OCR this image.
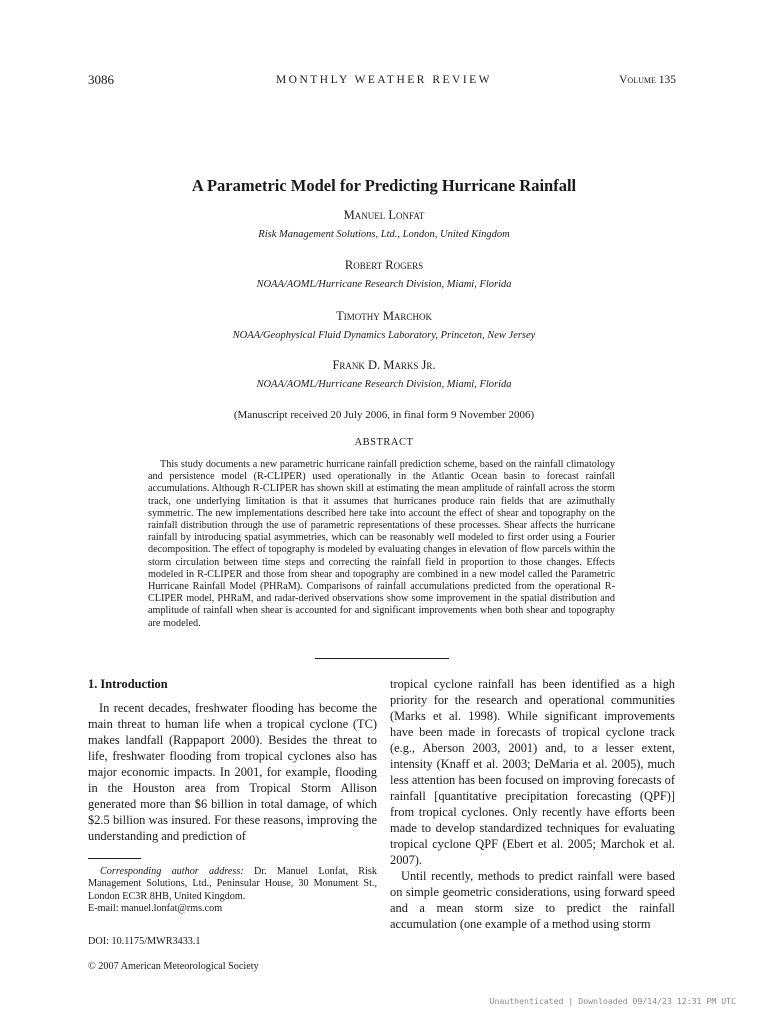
3086	MONTHLY WEATHER REVIEW	Volume 135
A Parametric Model for Predicting Hurricane Rainfall
Manuel Lonfat
Risk Management Solutions, Ltd., London, United Kingdom
Robert Rogers
NOAA/AOML/Hurricane Research Division, Miami, Florida
Timothy Marchok
NOAA/Geophysical Fluid Dynamics Laboratory, Princeton, New Jersey
Frank D. Marks Jr.
NOAA/AOML/Hurricane Research Division, Miami, Florida
(Manuscript received 20 July 2006, in final form 9 November 2006)
ABSTRACT

This study documents a new parametric hurricane rainfall prediction scheme, based on the rainfall climatology and persistence model (R-CLIPER) used operationally in the Atlantic Ocean basin to forecast rainfall accumulations. Although R-CLIPER has shown skill at estimating the mean amplitude of rainfall across the storm track, one underlying limitation is that it assumes that hurricanes produce rain fields that are azimuthally symmetric. The new implementations described here take into account the effect of shear and topography on the rainfall distribution through the use of parametric representations of these processes. Shear affects the hurricane rainfall by introducing spatial asymmetries, which can be reasonably well modeled to first order using a Fourier decomposition. The effect of topography is modeled by evaluating changes in elevation of flow parcels within the storm circulation between time steps and correcting the rainfall field in proportion to those changes. Effects modeled in R-CLIPER and those from shear and topography are combined in a new model called the Parametric Hurricane Rainfall Model (PHRaM). Comparisons of rainfall accumulations predicted from the operational R-CLIPER model, PHRaM, and radar-derived observations show some improvement in the spatial distribution and amplitude of rainfall when shear is accounted for and significant improvements when both shear and topography are modeled.

1. Introduction

In recent decades, freshwater flooding has become the main threat to human life when a tropical cyclone (TC) makes landfall (Rappaport 2000). Besides the threat to life, freshwater flooding from tropical cyclones also has major economic impacts. In 2001, for example, flooding in the Houston area from Tropical Storm Allison generated more than $6 billion in total damage, of which $2.5 billion was insured. For these reasons, improving the understanding and prediction of

tropical cyclone rainfall has been identified as a high priority for the research and operational communities (Marks et al. 1998). While significant improvements have been made in forecasts of tropical cyclone track (e.g., Aberson 2003, 2001) and, to a lesser extent, intensity (Knaff et al. 2003; DeMaria et al. 2005), much less attention has been focused on improving forecasts of rainfall [quantitative precipitation forecasting (QPF)] from tropical cyclones. Only recently have efforts been made to develop standardized techniques for evaluating tropical cyclone QPF (Ebert et al. 2005; Marchok et al. 2007).

Until recently, methods to predict rainfall were based on simple geometric considerations, using forward speed and a mean storm size to predict the rainfall accumulation (one example of a method using storm

Corresponding author address: Dr. Manuel Lonfat, Risk Management Solutions, Ltd., Peninsular House, 30 Monument St., London EC3R 8HB, United Kingdom.
E-mail: manuel.lonfat@rms.com

DOI: 10.1175/MWR3433.1
© 2007 American Meteorological Society
Unauthenticated | Downloaded 09/14/23 12:31 PM UTC
